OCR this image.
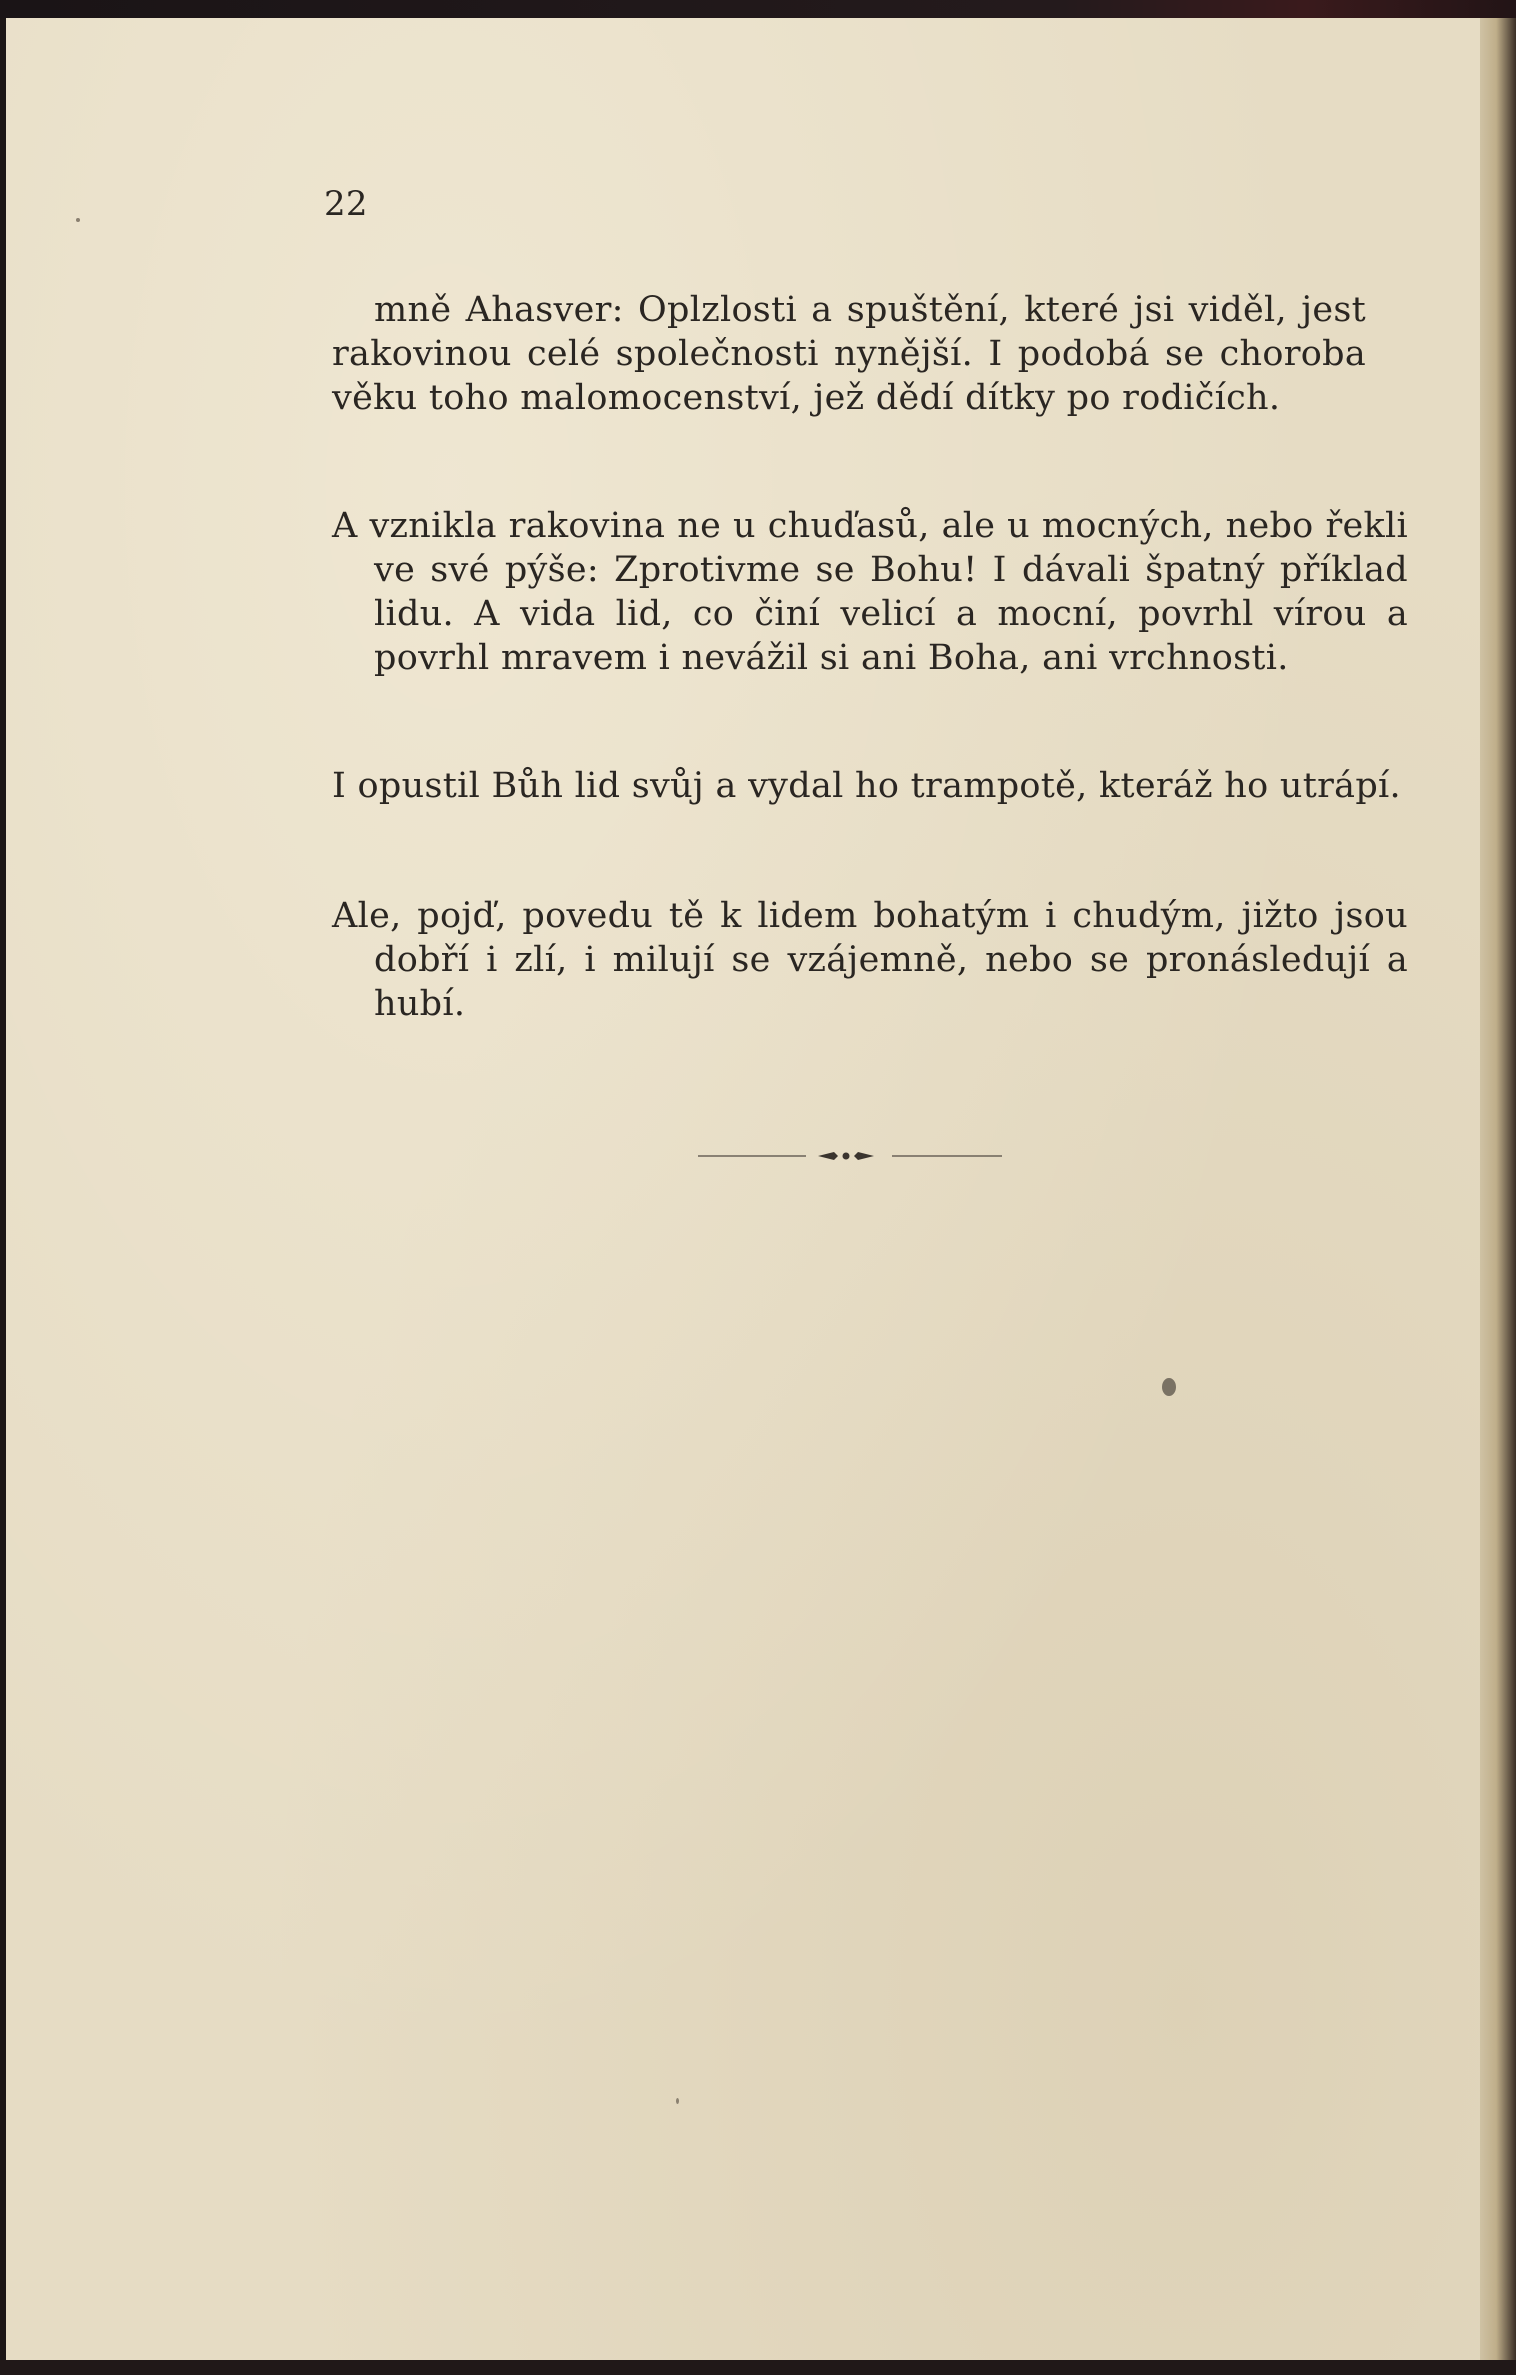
22

mně Ahasver: Oplzlosti a spuštění, které jsi viděl, jest rakovinou celé společnosti nynější. I podobá se choroba věku toho malomocenství, jež dědí dítky po rodičích.

A vznikla rakovina ne u chuďasů, ale u mocných, nebo řekli ve své pýše: Zprotivme se Bohu! I dávali špatný příklad lidu. A vida lid, co činí velicí a mocní, povrhl vírou a povrhl mravem i nevážil si ani Boha, ani vrchnosti.

I opustil Bůh lid svůj a vydal ho trampotě, kteráž ho utrápí.

Ale, pojď, povedu tě k lidem bohatým i chudým, jižto jsou dobří i zlí, i milují se vzájemně, nebo se pronásledují a hubí.
